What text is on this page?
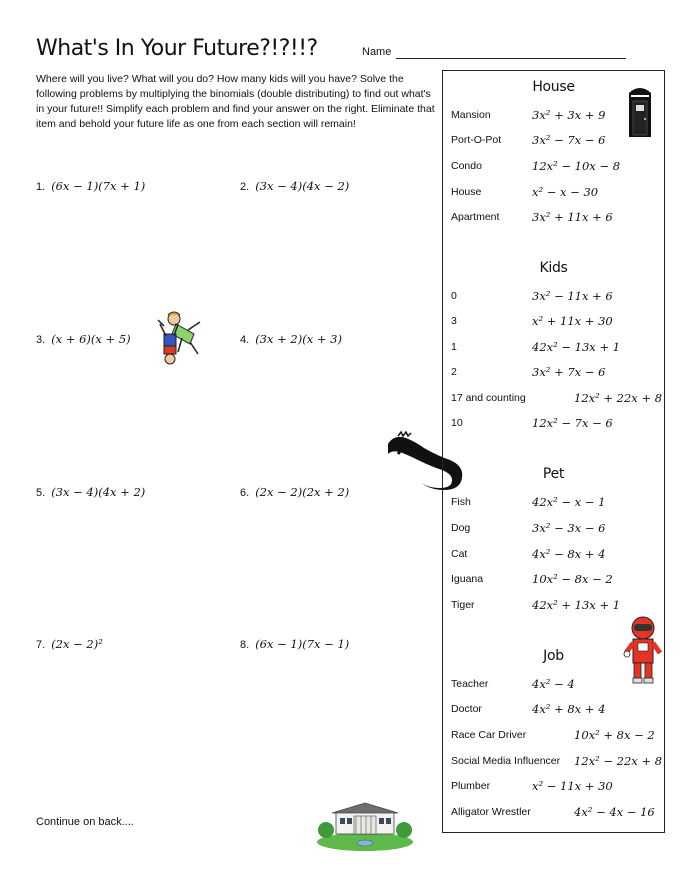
What's In Your Future?!?!!?	Name
Where will you live? What will you do? How many kids will you have? Solve the following problems by multiplying the binomials (double distributing) to find out what's in your future!! Simplify each problem and find your answer on the right. Eliminate that item and behold your future life as one from each section will remain!
1. (6x − 1)(7x + 1)	2. (3x − 4)(4x − 2)
3. (x + 6)(x + 5)	4. (3x + 2)(x + 3)
5. (3x − 4)(4x + 2)	6. (2x − 2)(2x + 2)
7. (2x − 2)²	8. (6x − 1)(7x − 1)
Continue on back....
House
Mansion	3x² + 3x + 9
Port-O-Pot	3x² − 7x − 6
Condo	12x² − 10x − 8
House	x² − x − 30
Apartment	3x² + 11x + 6
Kids
0	3x² − 11x + 6
3	x² + 11x + 30
1	42x² − 13x + 1
2	3x² + 7x − 6
17 and counting	12x² + 22x + 8
10	12x² − 7x − 6
Pet
Fish	42x² − x − 1
Dog	3x² − 3x − 6
Cat	4x² − 8x + 4
Iguana	10x² − 8x − 2
Tiger	42x² + 13x + 1
Job
Teacher	4x² − 4
Doctor	4x² + 8x + 4
Race Car Driver	10x² + 8x − 2
Social Media Influencer 12x² − 22x + 8
Plumber	x² − 11x + 30
Alligator Wrestler	4x² − 4x − 16
